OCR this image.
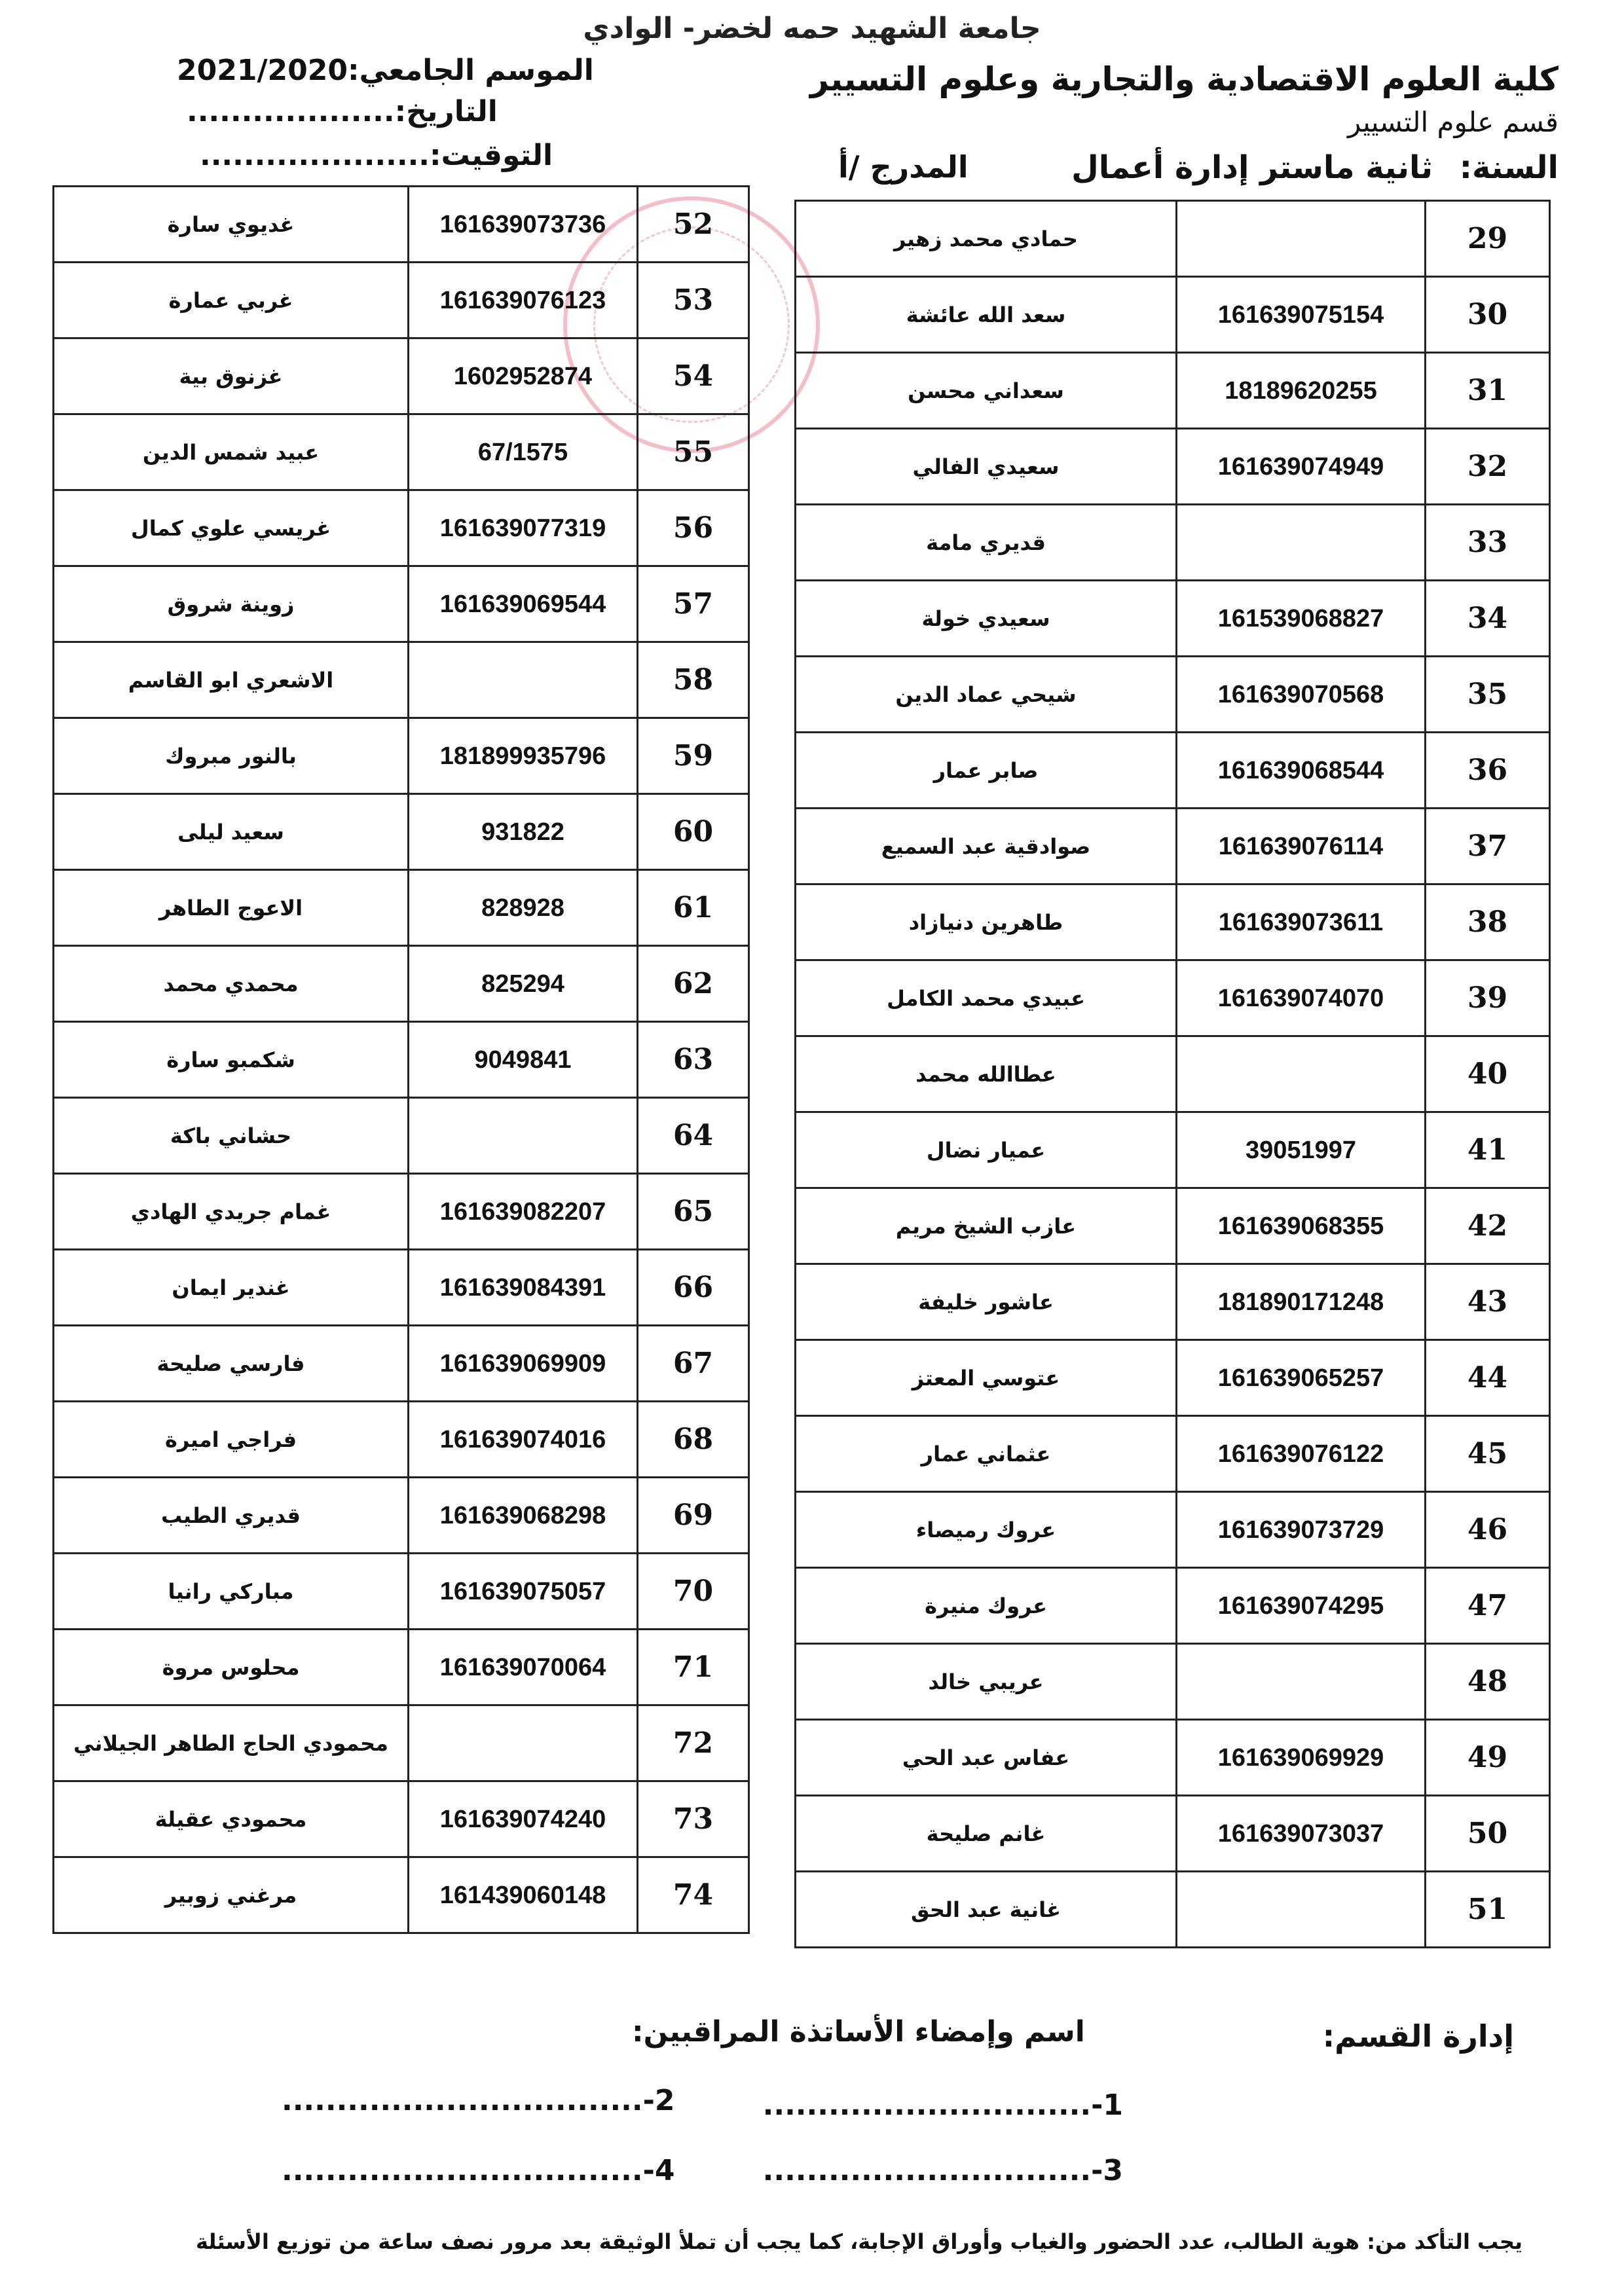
جامعة الشهيد حمه لخضر- الوادي
كلية العلوم الاقتصادية والتجارية وعلوم التسيير
قسم علوم التسيير
السنة: ثانية ماستر إدارة أعمال
المدرج /أ
الموسم الجامعي:2021/2020
التاريخ:...................
التوقيت:.....................
29		حمادي محمد زهير
30	161639075154	سعد الله عائشة
31	18189620255	سعداني محسن
32	161639074949	سعيدي الفالي
33		قديري مامة
34	161539068827	سعيدي خولة
35	161639070568	شيحي عماد الدين
36	161639068544	صابر عمار
37	161639076114	صوادقية عبد السميع
38	161639073611	طاهرين دنيازاد
39	161639074070	عبيدي محمد الكامل
40		عطاالله محمد
41	39051997	عميار نضال
42	161639068355	عازب الشيخ مريم
43	181890171248	عاشور خليفة
44	161639065257	عتوسي المعتز
45	161639076122	عثماني عمار
46	161639073729	عروك رميصاء
47	161639074295	عروك منيرة
48		عريبي خالد
49	161639069929	عفاس عبد الحي
50	161639073037	غانم صليحة
51		غانية عبد الحق
52	161639073736	غديوي سارة
53	161639076123	غربي عمارة
54	1602952874	غزنوق بية
55	67/1575	عبيد شمس الدين
56	161639077319	غريسي علوي كمال
57	161639069544	زوينة شروق
58		الاشعري ابو القاسم
59	181899935796	بالنور مبروك
60	931822	سعيد ليلى
61	828928	الاعوج الطاهر
62	825294	محمدي محمد
63	9049841	شكمبو سارة
64		حشاني باكة
65	161639082207	غمام جريدي الهادي
66	161639084391	غندير ايمان
67	161639069909	فارسي صليحة
68	161639074016	فراجي اميرة
69	161639068298	قديري الطيب
70	161639075057	مباركي رانيا
71	161639070064	محلوس مروة
72		محمودي الحاج الطاهر الجيلاني
73	161639074240	محمودي عقيلة
74	161439060148	مرغني زوبير
إدارة القسم:
اسم وإمضاء الأساتذة المراقبين:
1-..............................
2-.................................
3-..............................
4-.................................
يجب التأكد من: هوية الطالب، عدد الحضور والغياب وأوراق الإجابة، كما يجب أن تملأ الوثيقة بعد مرور نصف ساعة من توزيع الأسئلة
